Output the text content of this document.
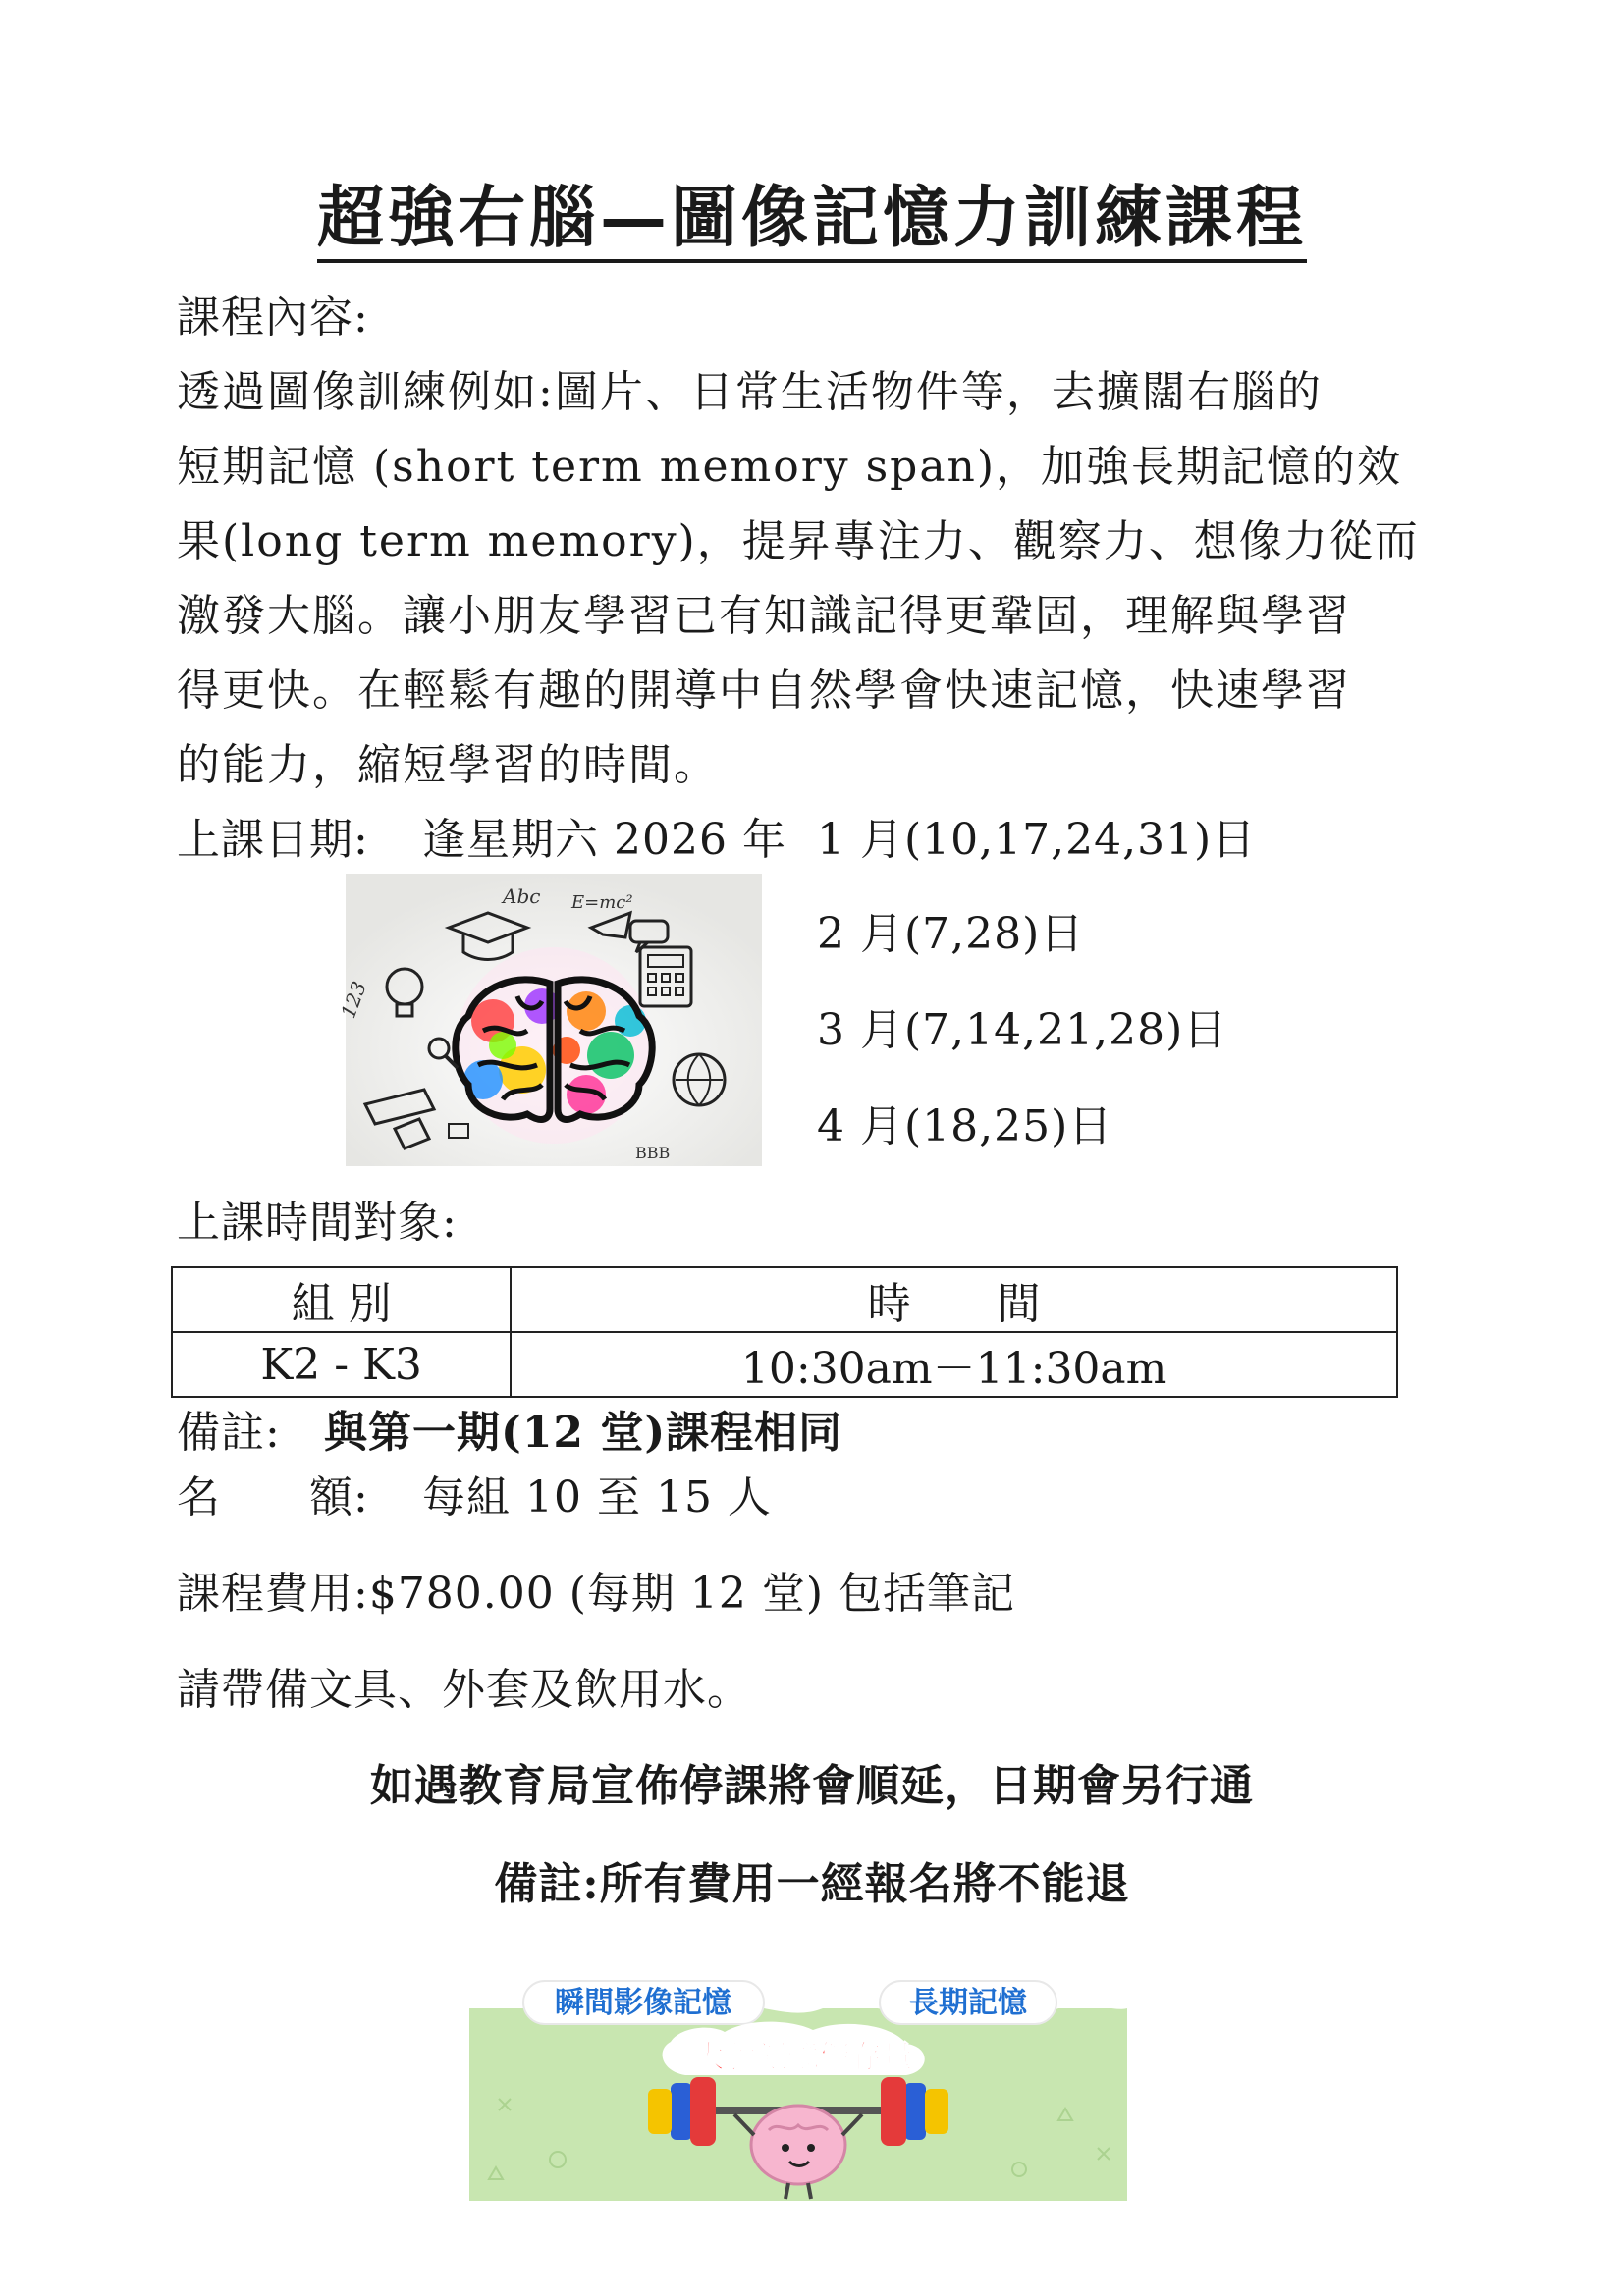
超強右腦—圖像記憶力訓練課程
課程內容:
透過圖像訓練例如:圖片、日常生活物件等，去擴闊右腦的
短期記憶 (short term memory span)，加強長期記憶的效
果(long term memory)，提昇專注力、觀察力、想像力從而
激發大腦。讓小朋友學習已有知識記得更鞏固，理解與學習
得更快。在輕鬆有趣的開導中自然學會快速記憶，快速學習
的能力，縮短學習的時間。
上課日期: 逢星期六 2026 年 1 月(10,17,24,31)日
2 月(7,28)日
3 月(7,14,21,28)日
4 月(18,25)日
Abc E=mc²
123
BBB
上課時間對象:
組 別	時　　間
K2 - K3	10:30am－11:30am
備註: 與第一期(12 堂)課程相同
名　　額: 每組 10 至 15 人
課程費用:$780.00 (每期 12 堂) 包括筆記
請帶備文具、外套及飲用水。
如遇教育局宣佈停課將會順延，日期會另行通
備註:所有費用一經報名將不能退
瞬間影像記憶	長期記憶
大腦記憶儲存量
